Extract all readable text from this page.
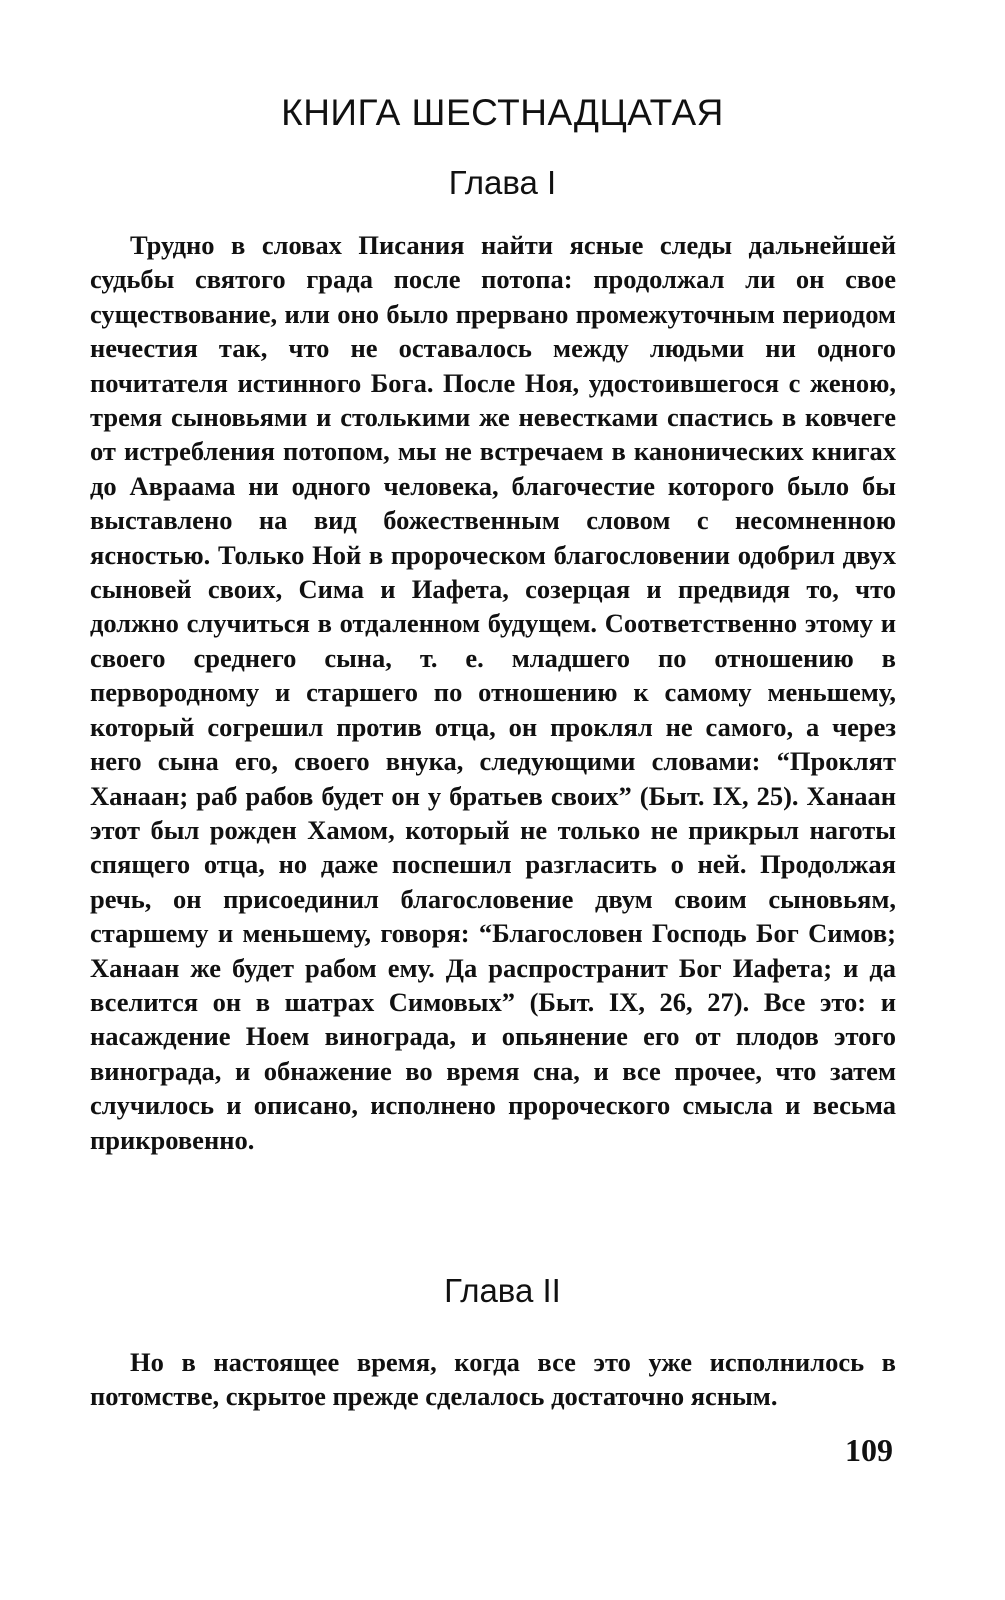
КНИГА ШЕСТНАДЦАТАЯ
Глава I

Трудно в словах Писания найти ясные следы дальнейшей судьбы святого града после потопа: продолжал ли он свое существование, или оно было прервано промежуточным периодом нечестия так, что не оставалось между людьми ни одного почитателя истинного Бога. После Ноя, удостоившегося с женою, тремя сыновьями и столькими же невестками спастись в ковчеге от истребления потопом, мы не встречаем в канонических книгах до Авраама ни одного человека, благочестие которого было бы выставлено на вид божественным словом с несомненною ясностью. Только Ной в пророческом благословении одобрил двух сыновей своих, Сима и Иафета, созерцая и предвидя то, что должно случиться в отдаленном будущем. Соответственно этому и своего среднего сына, т. е. младшего по отношению в первородному и старшего по отношению к самому меньшему, который согрешил против отца, он проклял не самого, а через него сына его, своего внука, следующими словами: “Проклят Ханаан; раб рабов будет он у братьев своих” (Быт. IX, 25). Ханаан этот был рожден Хамом, который не только не прикрыл наготы спящего отца, но даже поспешил разгласить о ней. Продолжая речь, он присоединил благословение двум своим сыновьям, старшему и меньшему, говоря: “Благословен Господь Бог Симов; Ханаан же будет рабом ему. Да распространит Бог Иафета; и да вселится он в шатрах Симовых” (Быт. IX, 26, 27). Все это: и насаждение Ноем винограда, и опьянение его от плодов этого винограда, и обнажение во время сна, и все прочее, что затем случилось и описано, исполнено пророческого смысла и весьма прикровенно.

Глава II

Но в настоящее время, когда все это уже исполнилось в потомстве, скрытое прежде сделалось достаточно ясным.

109
